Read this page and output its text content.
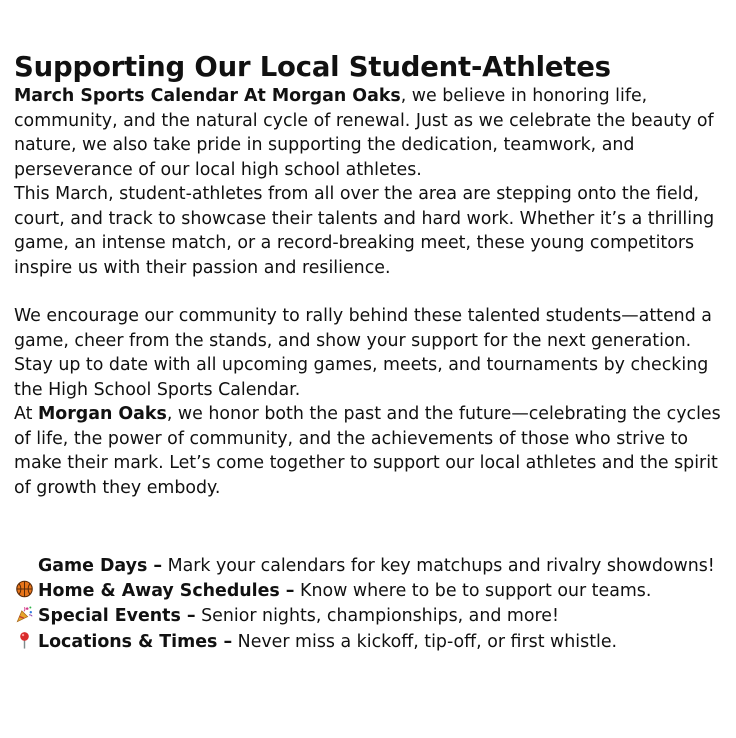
Supporting Our Local Student-Athletes

March Sports Calendar At Morgan Oaks, we believe in honoring life, community, and the natural cycle of renewal. Just as we celebrate the beauty of nature, we also take pride in supporting the dedication, teamwork, and perseverance of our local high school athletes.

This March, student-athletes from all over the area are stepping onto the field, court, and track to showcase their talents and hard work. Whether it’s a thrilling game, an intense match, or a record-breaking meet, these young competitors inspire us with their passion and resilience.

We encourage our community to rally behind these talented students—attend a game, cheer from the stands, and show your support for the next generation. Stay up to date with all upcoming games, meets, and tournaments by checking the High School Sports Calendar.

At Morgan Oaks, we honor both the past and the future—celebrating the cycles of life, the power of community, and the achievements of those who strive to make their mark. Let’s come together to support our local athletes and the spirit of growth they embody.

Game Days – Mark your calendars for key matchups and rivalry showdowns!

Home & Away Schedules – Know where to be to support our teams.

Special Events – Senior nights, championships, and more!

Locations & Times – Never miss a kickoff, tip-off, or first whistle.
